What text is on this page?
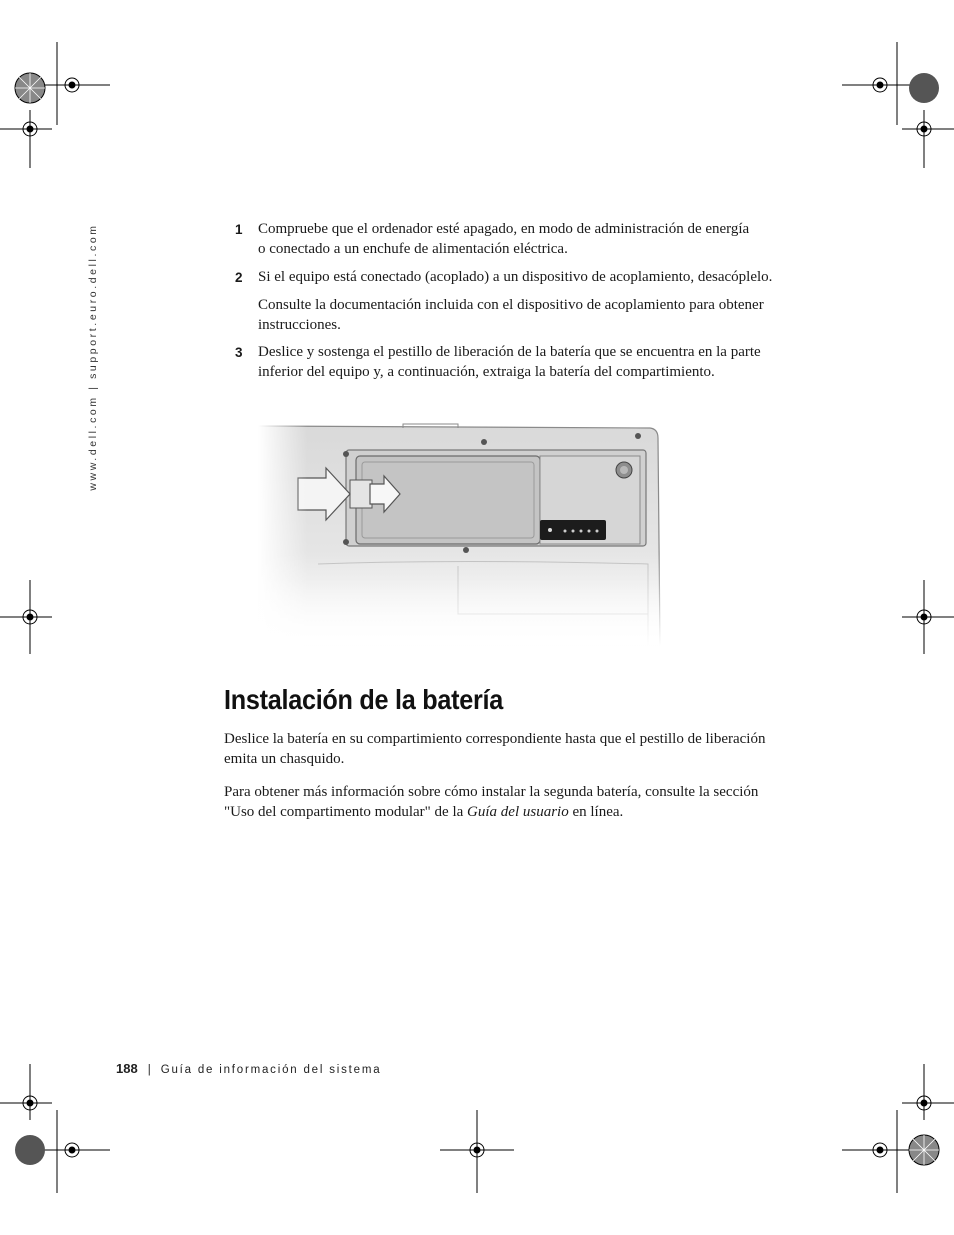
www.dell.com | support.euro.dell.com	1 Compruebe que el ordenador esté apagado, en modo de administración de energía
o conectado a un enchufe de alimentación eléctrica.
2 Si el equipo está conectado (acoplado) a un dispositivo de acoplamiento, desacóplelo.
Consulte la documentación incluida con el dispositivo de acoplamiento para obtener
instrucciones.
3 Deslice y sostenga el pestillo de liberación de la batería que se encuentra en la parte
inferior del equipo y, a continuación, extraiga la batería del compartimiento.
Instalación de la batería
Deslice la batería en su compartimiento correspondiente hasta que el pestillo de liberación
emita un chasquido.
Para obtener más información sobre cómo instalar la segunda batería, consulte la sección
"Uso del compartimento modular" de la Guía del usuario en línea.
188 | Guía de información del sistema
